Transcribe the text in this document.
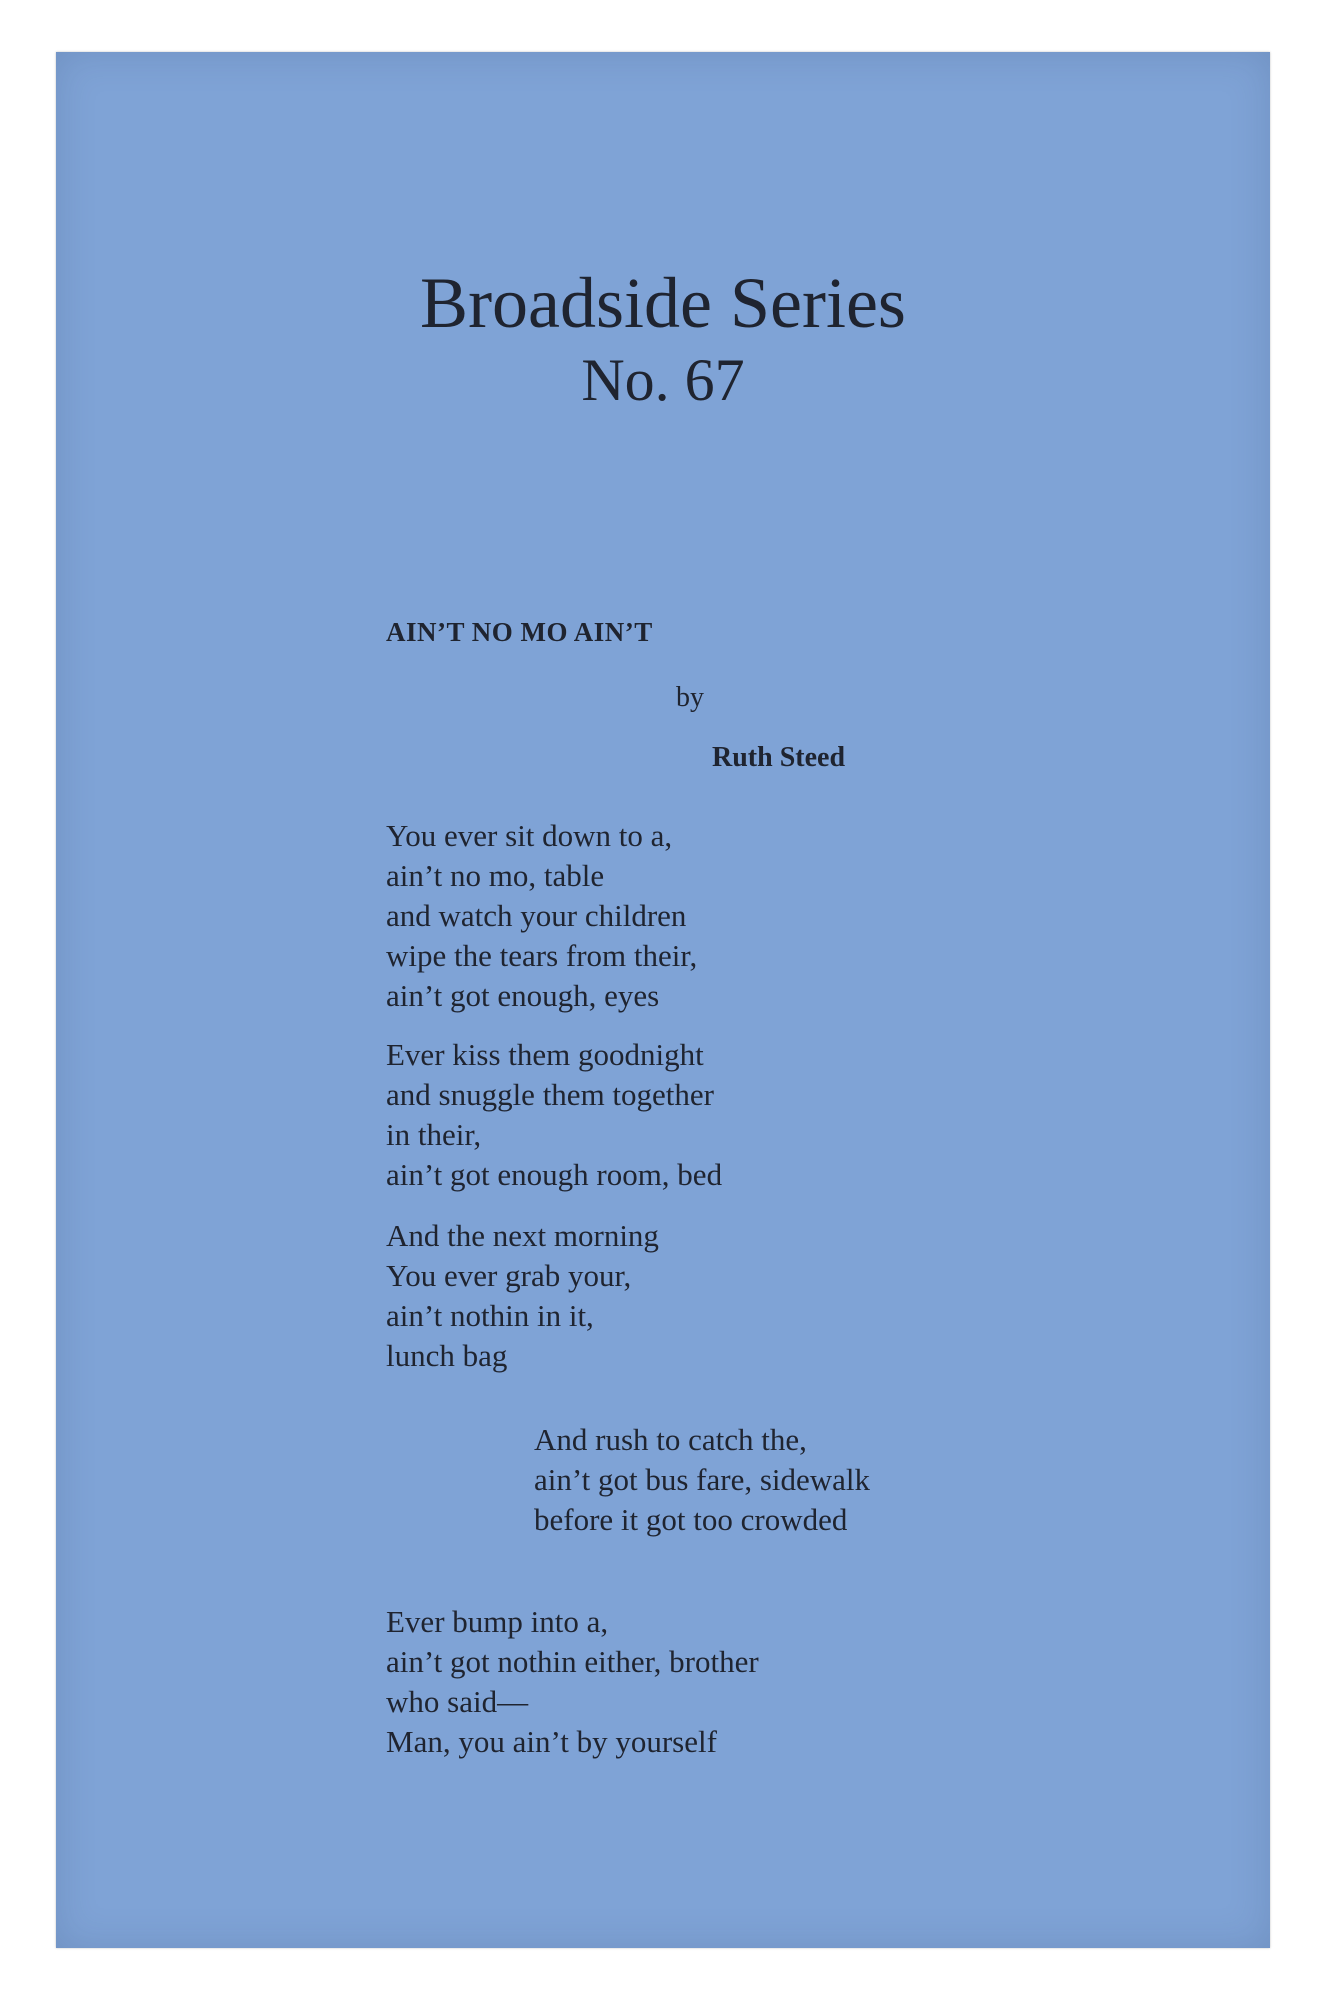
Broadside Series
No. 67
AIN’T NO MO AIN’T

by

Ruth Steed

You ever sit down to a,
ain’t no mo, table
and watch your children
wipe the tears from their,
ain’t got enough, eyes
Ever kiss them goodnight
and snuggle them together
in their,
ain’t got enough room, bed
And the next morning
You ever grab your,
ain’t nothin in it,
lunch bag
And rush to catch the,
ain’t got bus fare, sidewalk
before it got too crowded
Ever bump into a,
ain’t got nothin either, brother
who said—
Man, you ain’t by yourself
